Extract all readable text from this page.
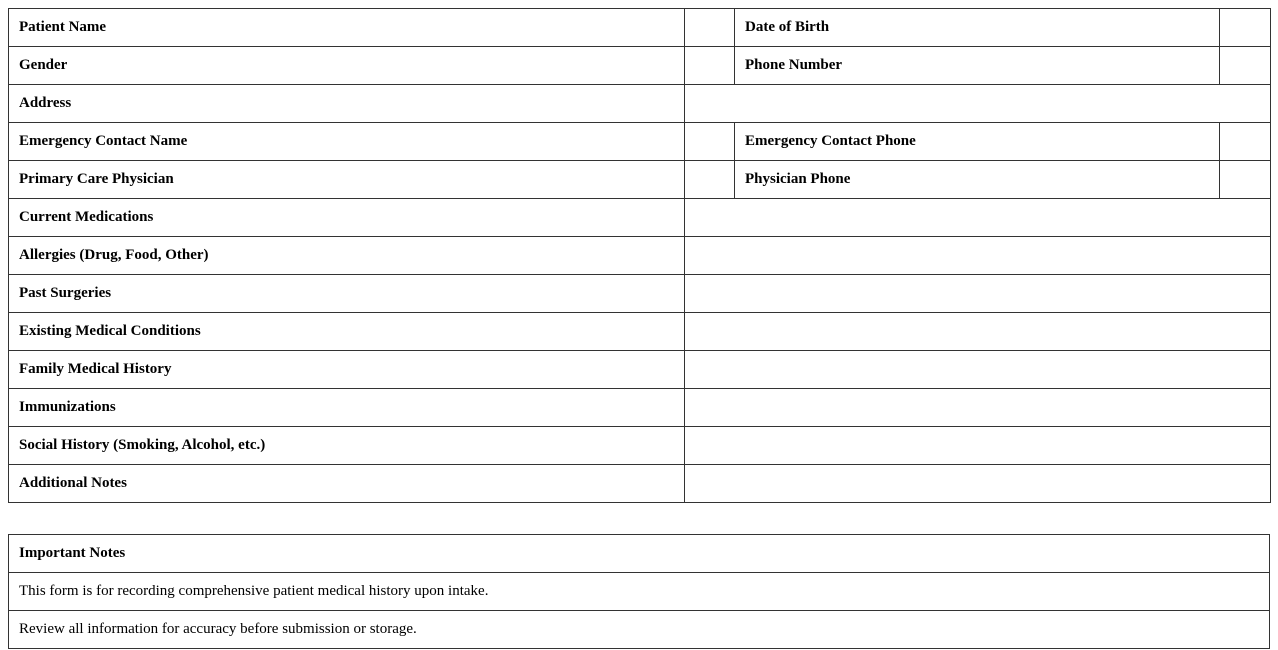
Patient Name		Date of Birth	
Gender		Phone Number	
Address			
Emergency Contact Name		Emergency Contact Phone	
Primary Care Physician		Physician Phone	
Current Medications			
Allergies (Drug, Food, Other)			
Past Surgeries			
Existing Medical Conditions			
Family Medical History			
Immunizations			
Social History (Smoking, Alcohol, etc.)			
Additional Notes			
Important Notes
This form is for recording comprehensive patient medical history upon intake.
Review all information for accuracy before submission or storage.
